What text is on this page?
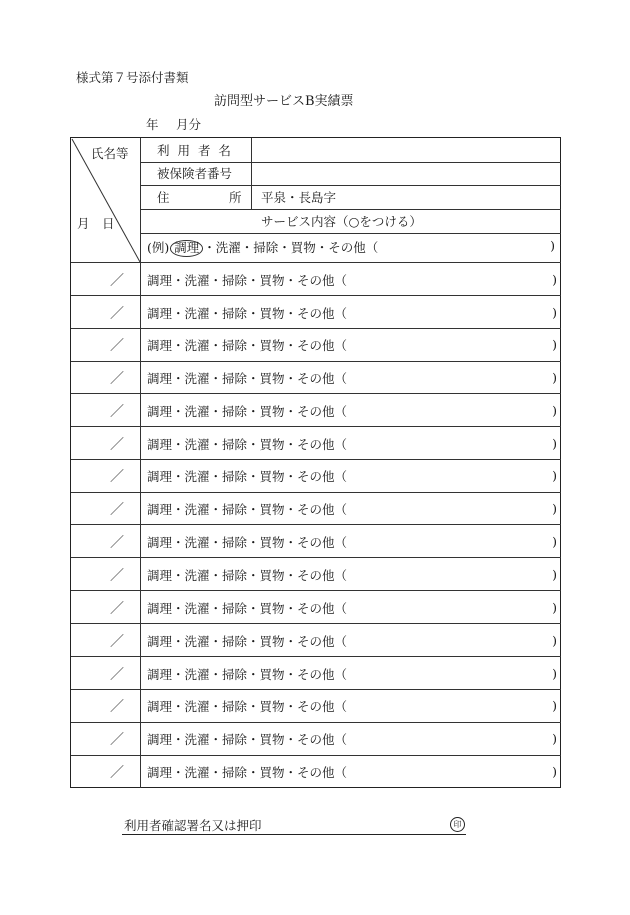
様式第７号添付書類
訪問型サービスB実績票
年 月分
氏名等
月　日
利 用 者 名
被保険者番号
住	所 平泉・長島字
サービス内容（○をつける）
(例) 調理 ・洗濯・掃除・買物・その他（	)
／	調理・洗濯・掃除・買物・その他（	)
／	調理・洗濯・掃除・買物・その他（	)
／	調理・洗濯・掃除・買物・その他（	)
／	調理・洗濯・掃除・買物・その他（	)
／	調理・洗濯・掃除・買物・その他（	)
／	調理・洗濯・掃除・買物・その他（	)
／	調理・洗濯・掃除・買物・その他（	)
／	調理・洗濯・掃除・買物・その他（	)
／	調理・洗濯・掃除・買物・その他（	)
／	調理・洗濯・掃除・買物・その他（	)
／	調理・洗濯・掃除・買物・その他（	)
／	調理・洗濯・掃除・買物・その他（	)
／	調理・洗濯・掃除・買物・その他（	)
／	調理・洗濯・掃除・買物・その他（	)
／	調理・洗濯・掃除・買物・その他（	)
／	調理・洗濯・掃除・買物・その他（	)
利用者確認署名又は押印	印
